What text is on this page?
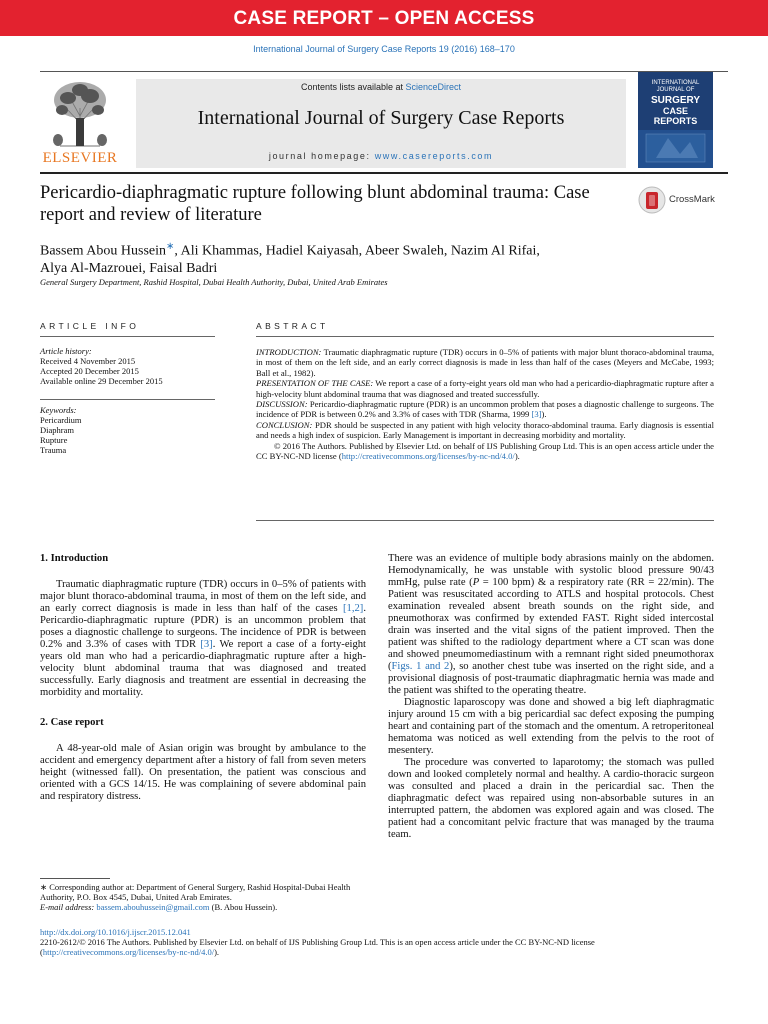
CASE REPORT – OPEN ACCESS
International Journal of Surgery Case Reports 19 (2016) 168–170
ELSEVIER
Contents lists available at ScienceDirect
International Journal of Surgery Case Reports
journal homepage: www.casereports.com
INTERNATIONAL
JOURNAL OF
SURGERY
CASE
REPORTS
Pericardio-diaphragmatic rupture following blunt abdominal trauma: Case report and review of literature
CrossMark
Bassem Abou Hussein∗, Ali Khammas, Hadiel Kaiyasah, Abeer Swaleh, Nazim Al Rifai,
Alya Al-Mazrouei, Faisal Badri
General Surgery Department, Rashid Hospital, Dubai Health Authority, Dubai, United Arab Emirates
ARTICLE INFO	ABSTRACT
Article history:
Received 4 November 2015
Accepted 20 December 2015
Available online 29 December 2015
Keywords:
Pericardium
Diaphram
Rupture
Trauma

INTRODUCTION: Traumatic diaphragmatic rupture (TDR) occurs in 0–5% of patients with major blunt thoraco-abdominal trauma, in most of them on the left side, and an early correct diagnosis is made in less than half of the cases (Meyers and McCabe, 1993; Ball et al., 1982).

PRESENTATION OF THE CASE: We report a case of a forty-eight years old man who had a pericardio-diaphragmatic rupture after a high-velocity blunt abdominal trauma that was diagnosed and treated successfully.

DISCUSSION: Pericardio-diaphragmatic rupture (PDR) is an uncommon problem that poses a diagnostic challenge to surgeons. The incidence of PDR is between 0.2% and 3.3% of cases with TDR (Sharma, 1999 [3]).

CONCLUSION: PDR should be suspected in any patient with high velocity thoraco-abdominal trauma. Early diagnosis is essential and needs a high index of suspicion. Early Management is important in decreasing morbidity and mortality.

© 2016 The Authors. Published by Elsevier Ltd. on behalf of IJS Publishing Group Ltd. This is an open access article under the CC BY-NC-ND license (http://creativecommons.org/licenses/by-nc-nd/4.0/).

1. Introduction

Traumatic diaphragmatic rupture (TDR) occurs in 0–5% of patients with major blunt thoraco-abdominal trauma, in most of them on the left side, and an early correct diagnosis is made in less than half of the cases [1,2]. Pericardio-diaphragmatic rupture (PDR) is an uncommon problem that poses a diagnostic challenge to surgeons. The incidence of PDR is between 0.2% and 3.3% of cases with TDR [3]. We report a case of a forty-eight years old man who had a pericardio-diaphragmatic rupture after a high-velocity blunt abdominal trauma that was diagnosed and treated successfully. Early diagnosis and treatment are essential in decreasing the morbidity and mortality.

2. Case report

A 48-year-old male of Asian origin was brought by ambulance to the accident and emergency department after a history of fall from seven meters height (witnessed fall). On presentation, the patient was conscious and oriented with a GCS 14/15. He was complaining of severe abdominal pain and respiratory distress.

There was an evidence of multiple body abrasions mainly on the abdomen. Hemodynamically, he was unstable with systolic blood pressure 90/43 mmHg, pulse rate (P = 100 bpm) & a respiratory rate (RR = 22/min). The Patient was resuscitated according to ATLS and hospital protocols. Chest examination revealed absent breath sounds on the right side, and pneumothorax was confirmed by extended FAST. Right sided intercostal drain was inserted and the vital signs of the patient improved. Then the patient was shifted to the radiology department where a CT scan was done and showed pneumomediastinum with a remnant right sided pneumothorax (Figs. 1 and 2), so another chest tube was inserted on the right side, and a provisional diagnosis of post-traumatic diaphragmatic hernia was made and the patient was shifted to the operating theatre.

Diagnostic laparoscopy was done and showed a big left diaphragmatic injury around 15 cm with a big pericardial sac defect exposing the pumping heart and containing part of the stomach and the omentum. A retroperitoneal hematoma was noticed as well extending from the pelvis to the root of mesentery.

The procedure was converted to laparotomy; the stomach was pulled down and looked completely normal and healthy. A cardio-thoracic surgeon was consulted and placed a drain in the pericardial sac. Then the diaphragmatic defect was repaired using non-absorbable sutures in an interrupted pattern, the abdomen was explored again and was closed. The patient had a concomitant pelvic fracture that was managed by the trauma team.

∗ Corresponding author at: Department of General Surgery, Rashid Hospital-Dubai Health Authority, P.O. Box 4545, Dubai, United Arab Emirates.

E-mail address: bassem.abouhussein@gmail.com (B. Abou Hussein).

http://dx.doi.org/10.1016/j.ijscr.2015.12.041

2210-2612/© 2016 The Authors. Published by Elsevier Ltd. on behalf of IJS Publishing Group Ltd. This is an open access article under the CC BY-NC-ND license (http://creativecommons.org/licenses/by-nc-nd/4.0/).
